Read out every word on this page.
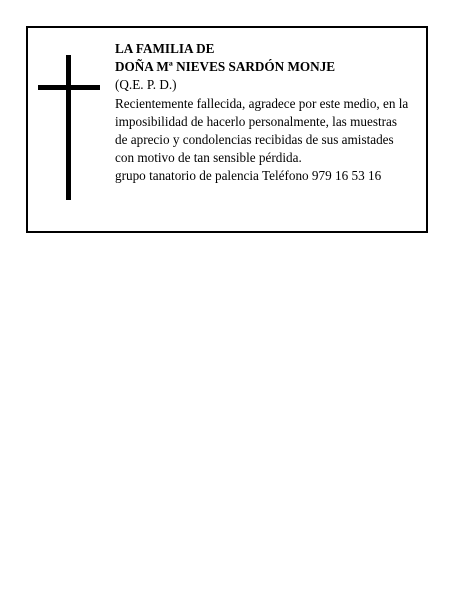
LA FAMILIA DE
DOÑA Mª NIEVES SARDÓN MONJE
(Q.E. P. D.)
Recientemente fallecida, agradece por este medio, en la
imposibilidad de hacerlo personalmente, las muestras
de aprecio y condolencias recibidas de sus amistades
con motivo de tan sensible pérdida.
grupo tanatorio de palencia Teléfono 979 16 53 16
